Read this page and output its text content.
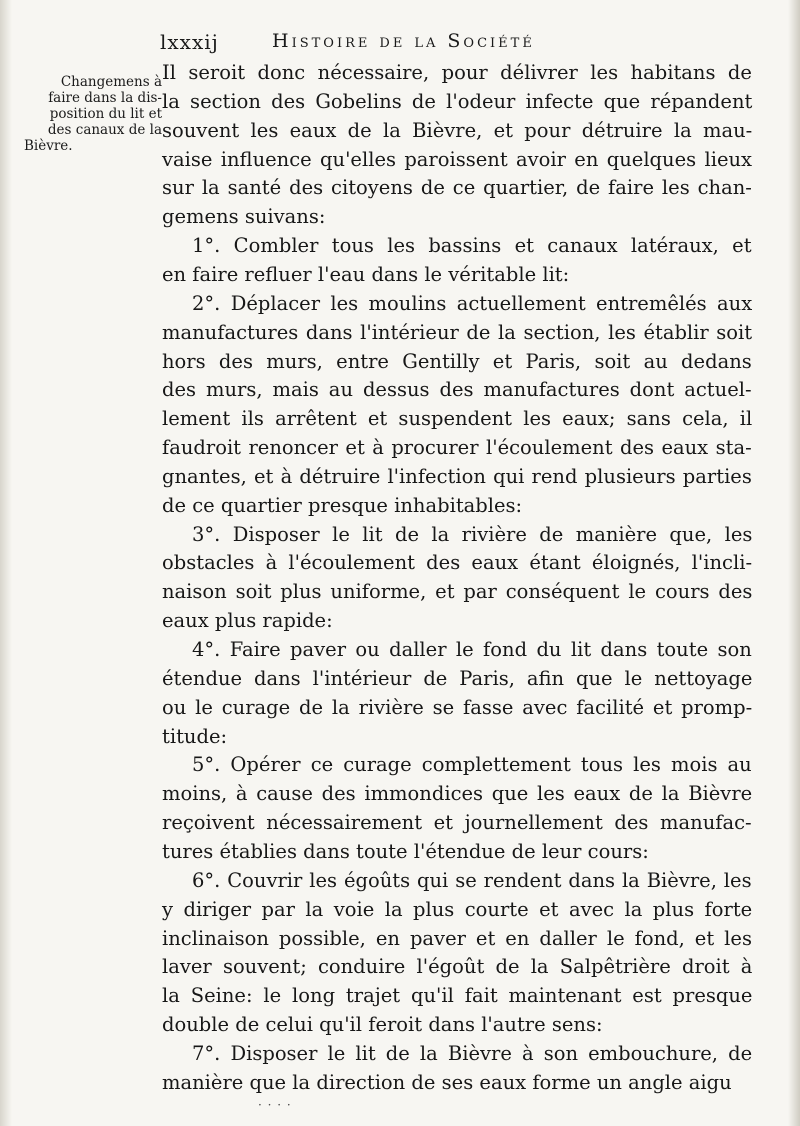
lxxxij	Histoire de la Société
Changemens à
faire dans la dis-
position du lit et
des canaux de la
Bièvre.
Il seroit donc nécessaire, pour délivrer les habitans de
la section des Gobelins de l'odeur infecte que répandent
souvent les eaux de la Bièvre, et pour détruire la mau-
vaise influence qu'elles paroissent avoir en quelques lieux
sur la santé des citoyens de ce quartier, de faire les chan-
gemens suivans:
1°. Combler tous les bassins et canaux latéraux, et
en faire refluer l'eau dans le véritable lit:
2°. Déplacer les moulins actuellement entremêlés aux
manufactures dans l'intérieur de la section, les établir soit
hors des murs, entre Gentilly et Paris, soit au dedans
des murs, mais au dessus des manufactures dont actuel-
lement ils arrêtent et suspendent les eaux; sans cela, il
faudroit renoncer et à procurer l'écoulement des eaux sta-
gnantes, et à détruire l'infection qui rend plusieurs parties
de ce quartier presque inhabitables:
3°. Disposer le lit de la rivière de manière que, les
obstacles à l'écoulement des eaux étant éloignés, l'incli-
naison soit plus uniforme, et par conséquent le cours des
eaux plus rapide:
4°. Faire paver ou daller le fond du lit dans toute son
étendue dans l'intérieur de Paris, afin que le nettoyage
ou le curage de la rivière se fasse avec facilité et promp-
titude:
5°. Opérer ce curage complettement tous les mois au
moins, à cause des immondices que les eaux de la Bièvre
reçoivent nécessairement et journellement des manufac-
tures établies dans toute l'étendue de leur cours:
6°. Couvrir les égoûts qui se rendent dans la Bièvre, les
y diriger par la voie la plus courte et avec la plus forte
inclinaison possible, en paver et en daller le fond, et les
laver souvent; conduire l'égoût de la Salpêtrière droit à
la Seine: le long trajet qu'il fait maintenant est presque
double de celui qu'il feroit dans l'autre sens:
7°. Disposer le lit de la Bièvre à son embouchure, de
manière que la direction de ses eaux forme un angle aigu
· · · ·
